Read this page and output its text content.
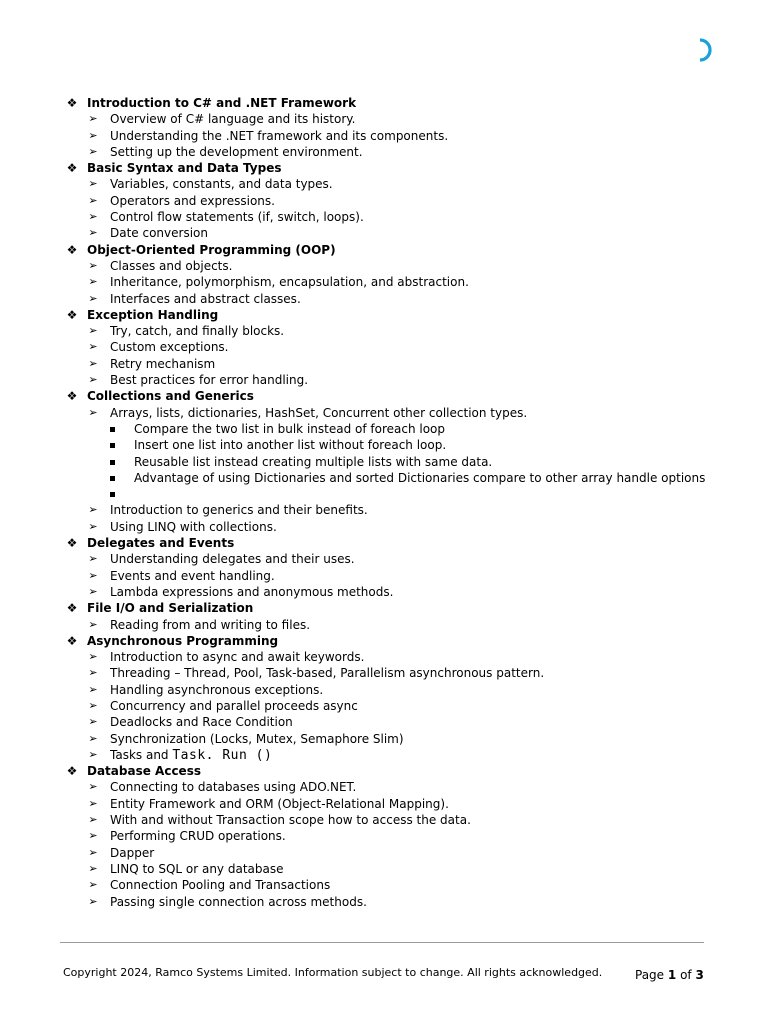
❖ Introduction to C# and .NET Framework
➢ Overview of C# language and its history.
➢ Understanding the .NET framework and its components.
➢ Setting up the development environment.
❖ Basic Syntax and Data Types
➢ Variables, constants, and data types.
➢ Operators and expressions.
➢ Control flow statements (if, switch, loops).
➢ Date conversion
❖ Object-Oriented Programming (OOP)
➢ Classes and objects.
➢ Inheritance, polymorphism, encapsulation, and abstraction.
➢ Interfaces and abstract classes.
❖ Exception Handling
➢ Try, catch, and finally blocks.
➢ Custom exceptions.
➢ Retry mechanism
➢ Best practices for error handling.
❖ Collections and Generics
➢ Arrays, lists, dictionaries, HashSet, Concurrent other collection types.
Compare the two list in bulk instead of foreach loop
Insert one list into another list without foreach loop.
Reusable list instead creating multiple lists with same data.
Advantage of using Dictionaries and sorted Dictionaries compare to other array handle options
➢ Introduction to generics and their benefits.
➢ Using LINQ with collections.
❖ Delegates and Events
➢ Understanding delegates and their uses.
➢ Events and event handling.
➢ Lambda expressions and anonymous methods.
❖ File I/O and Serialization
➢ Reading from and writing to files.
❖ Asynchronous Programming
➢ Introduction to async and await keywords.
➢ Threading – Thread, Pool, Task-based, Parallelism asynchronous pattern.
➢ Handling asynchronous exceptions.
➢ Concurrency and parallel proceeds async
➢ Deadlocks and Race Condition
➢ Synchronization (Locks, Mutex, Semaphore Slim)
➢ Tasks and Task. Run ()
❖ Database Access
➢ Connecting to databases using ADO.NET.
➢ Entity Framework and ORM (Object-Relational Mapping).
➢ With and without Transaction scope how to access the data.
➢ Performing CRUD operations.
➢ Dapper
➢ LINQ to SQL or any database
➢ Connection Pooling and Transactions
➢ Passing single connection across methods.
Copyright 2024, Ramco Systems Limited. Information subject to change. All rights acknowledged.	Page 1 of 3
